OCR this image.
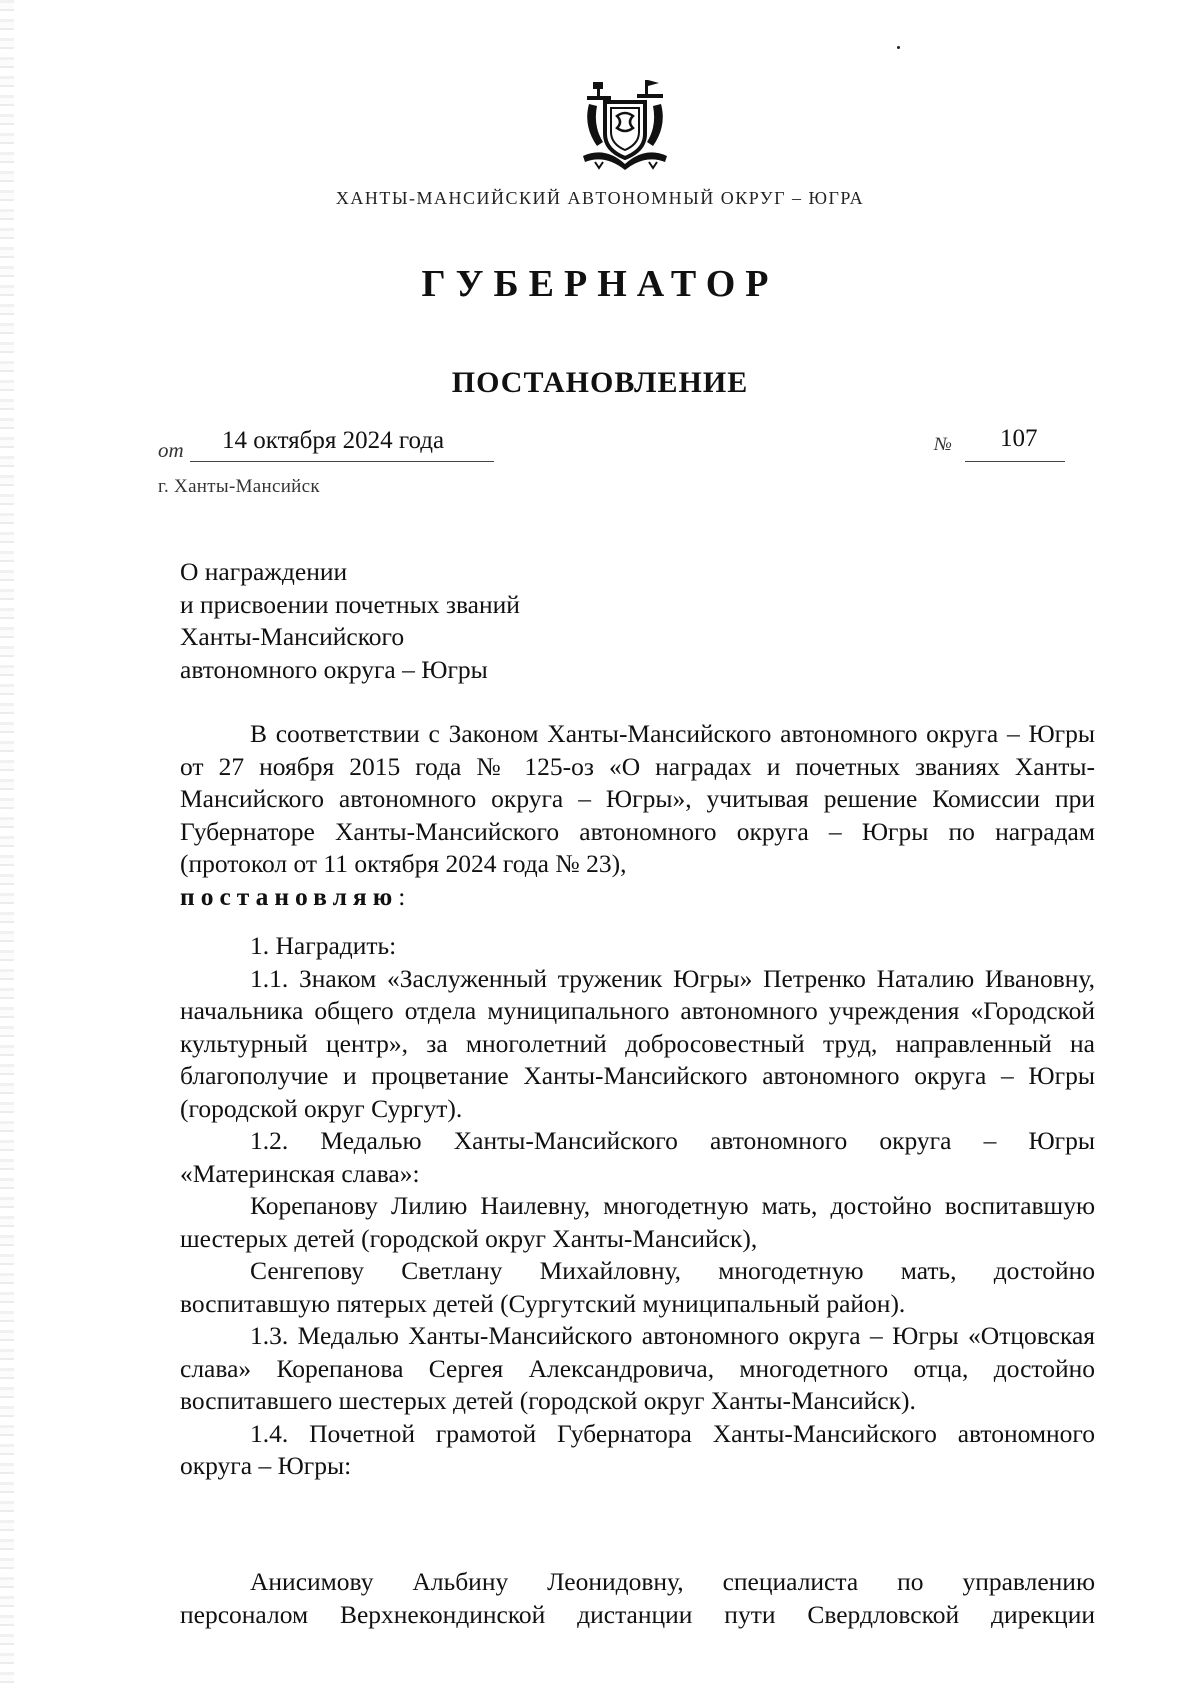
ХАНТЫ-МАНСИЙСКИЙ АВТОНОМНЫЙ ОКРУГ – ЮГРА
ГУБЕРНАТОР
ПОСТАНОВЛЕНИЕ
от 14 октября 2024 года	№ 107
г. Ханты-Мансийск
О награждении
и присвоении почетных званий
Ханты-Мансийского
автономного округа – Югры

В соответствии с Законом Ханты-Мансийского автономного округа – Югры от 27 ноября 2015 года № 125-оз «О наградах и почетных званиях Ханты-Мансийского автономного округа – Югры», учитывая решение Комиссии при Губернаторе Ханты-Мансийского автономного округа – Югры по наградам (протокол от 11 октября 2024 года № 23),
постановляю:

1. Наградить:

1.1. Знаком «Заслуженный труженик Югры» Петренко Наталию Ивановну, начальника общего отдела муниципального автономного учреждения «Городской культурный центр», за многолетний добросовестный труд, направленный на благополучие и процветание Ханты-Мансийского автономного округа – Югры (городской округ Сургут).

1.2. Медалью Ханты-Мансийского автономного округа – Югры «Материнская слава»:

Корепанову Лилию Наилевну, многодетную мать, достойно воспитавшую шестерых детей (городской округ Ханты-Мансийск),

Сенгепову Светлану Михайловну, многодетную мать, достойно воспитавшую пятерых детей (Сургутский муниципальный район).

1.3. Медалью Ханты-Мансийского автономного округа – Югры «Отцовская слава» Корепанова Сергея Александровича, многодетного отца, достойно воспитавшего шестерых детей (городской округ Ханты-Мансийск).

1.4. Почетной грамотой Губернатора Ханты-Мансийского автономного округа – Югры:

Анисимову Альбину Леонидовну, специалиста по управлению

персоналом Верхнекондинской дистанции пути Свердловской дирекции
